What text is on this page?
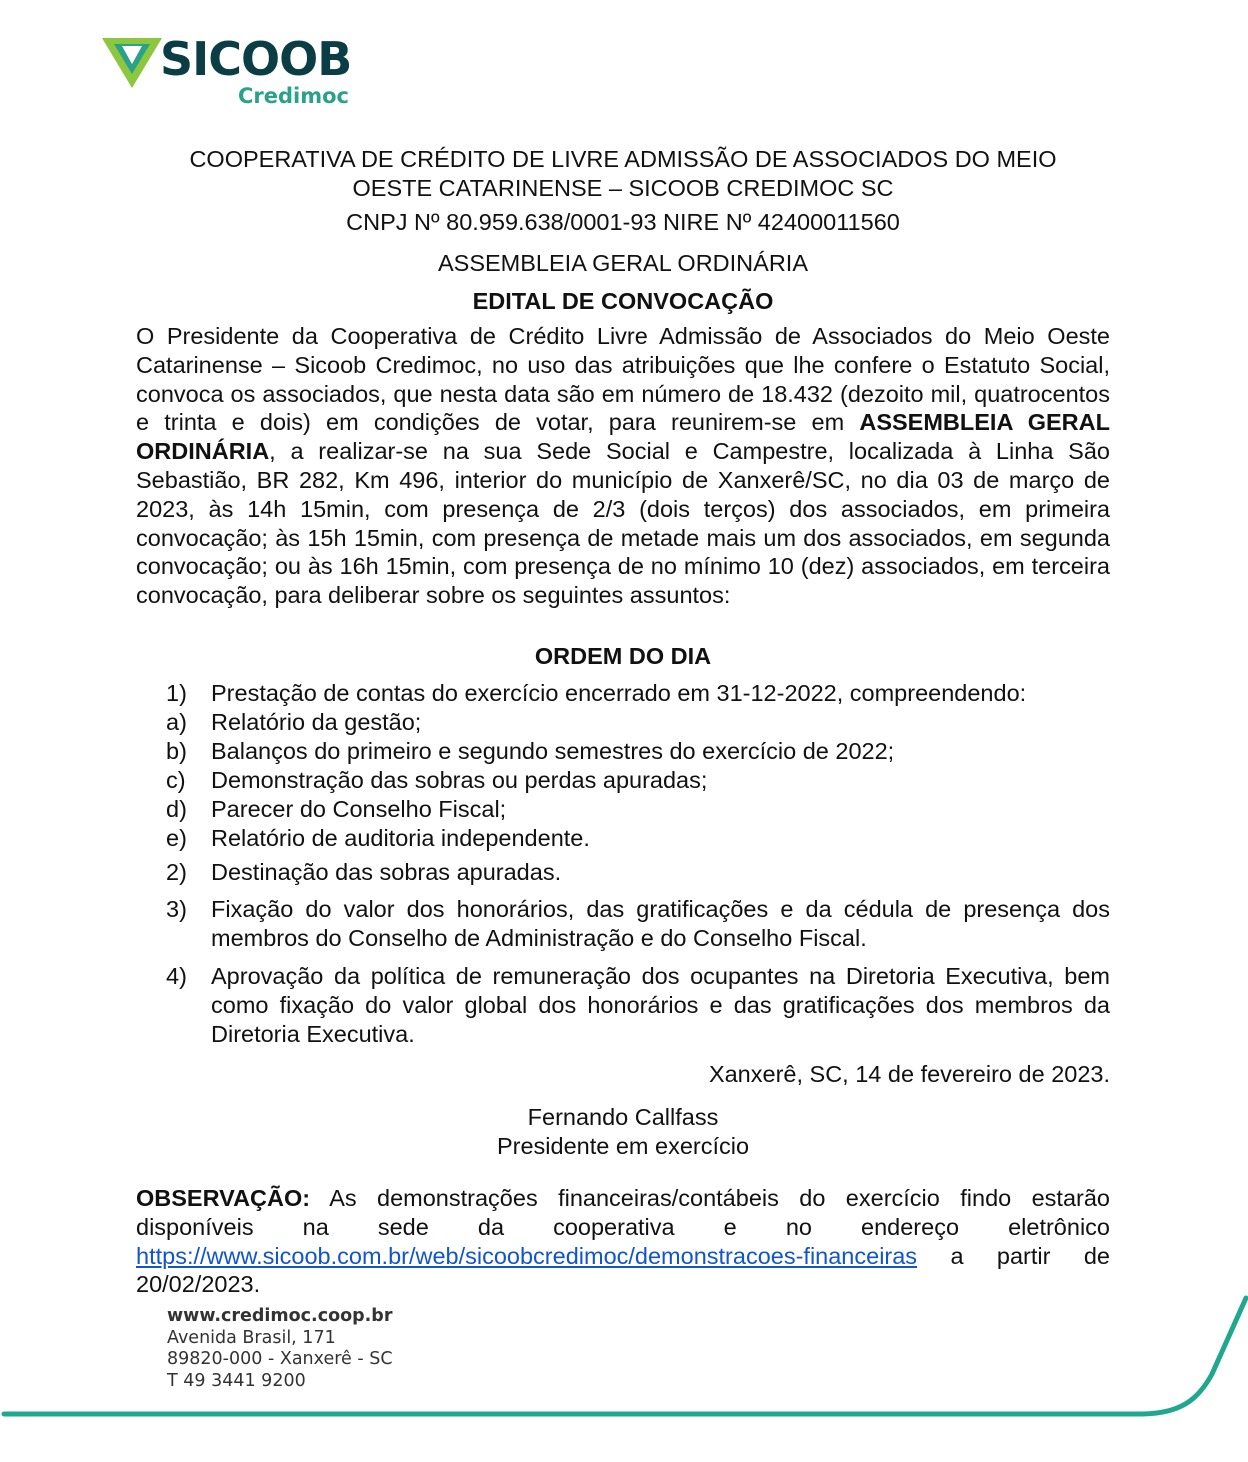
SICOOB
Credimoc
COOPERATIVA DE CRÉDITO DE LIVRE ADMISSÃO DE ASSOCIADOS DO MEIO
OESTE CATARINENSE – SICOOB CREDIMOC SC
CNPJ Nº 80.959.638/0001-93 NIRE Nº 42400011560
ASSEMBLEIA GERAL ORDINÁRIA
EDITAL DE CONVOCAÇÃO
O Presidente da Cooperativa de Crédito Livre Admissão de Associados do Meio Oeste Catarinense – Sicoob Credimoc, no uso das atribuições que lhe confere o Estatuto Social, convoca os associados, que nesta data são em número de 18.432 (dezoito mil, quatrocentos e trinta e dois) em condições de votar, para reunirem-se em ASSEMBLEIA GERAL ORDINÁRIA, a realizar-se na sua Sede Social e Campestre, localizada à Linha São Sebastião, BR 282, Km 496, interior do município de Xanxerê/SC, no dia 03 de março de 2023, às 14h 15min, com presença de 2/3 (dois terços) dos associados, em primeira convocação; às 15h 15min, com presença de metade mais um dos associados, em segunda convocação; ou às 16h 15min, com presença de no mínimo 10 (dez) associados, em terceira convocação, para deliberar sobre os seguintes assuntos:
ORDEM DO DIA
1) Prestação de contas do exercício encerrado em 31-12-2022, compreendendo:
a) Relatório da gestão;
b) Balanços do primeiro e segundo semestres do exercício de 2022;
c) Demonstração das sobras ou perdas apuradas;
d) Parecer do Conselho Fiscal;
e) Relatório de auditoria independente.
2) Destinação das sobras apuradas.
3) Fixação do valor dos honorários, das gratificações e da cédula de presença dos membros do Conselho de Administração e do Conselho Fiscal.
4) Aprovação da política de remuneração dos ocupantes na Diretoria Executiva, bem como fixação do valor global dos honorários e das gratificações dos membros da Diretoria Executiva.
Xanxerê, SC, 14 de fevereiro de 2023.
Fernando Callfass
Presidente em exercício
OBSERVAÇÃO: As demonstrações financeiras/contábeis do exercício findo estarão disponíveis na sede da cooperativa e no endereço eletrônico https://www.sicoob.com.br/web/sicoobcredimoc/demonstracoes-financeiras a partir de 20/02/2023.
www.credimoc.coop.br
Avenida Brasil, 171
89820-000 - Xanxerê - SC
T 49 3441 9200
